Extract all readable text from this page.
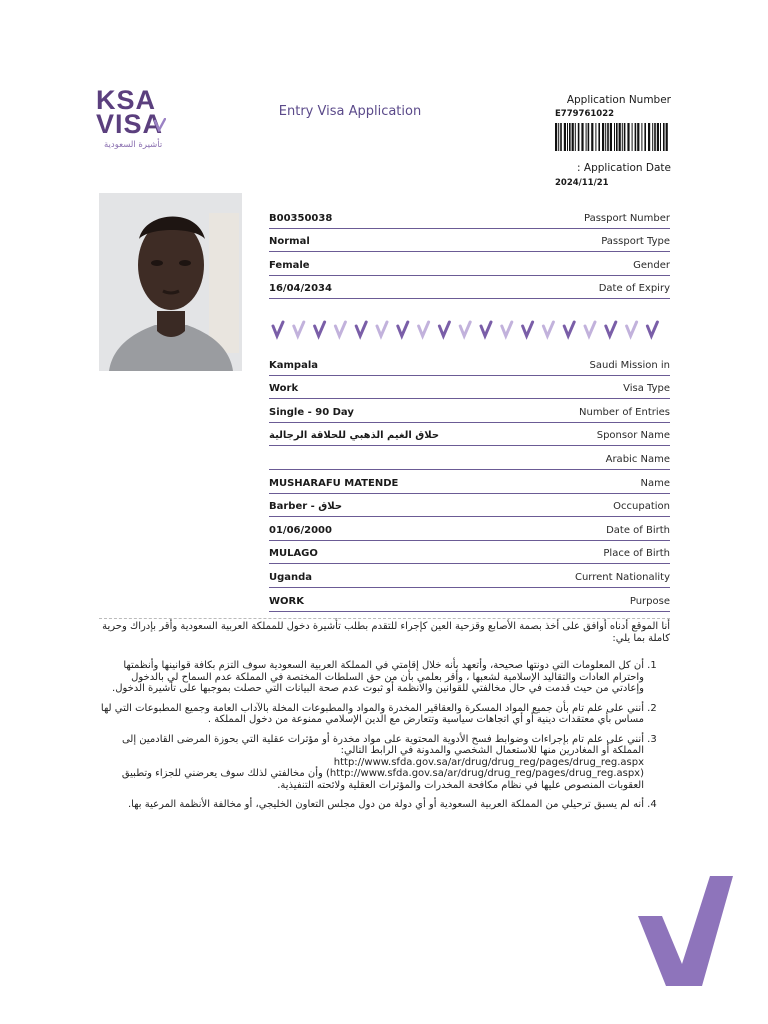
KSA
VISA
تأشيرة السعودية
Entry Visa Application
Application Number
E779761022
: Application Date
2024/11/21
B00350038	Passport Number
Normal	Passport Type
Female	Gender
16/04/2034	Date of Expiry
Kampala	Saudi Mission in
Work	Visa Type
Single - 90 Day	Number of Entries
حلاق الغيم الذهبي للحلاقة الرجالية	Sponsor Name
Arabic Name
MUSHARAFU MATENDE	Name
Barber - حلاق	Occupation
01/06/2000	Date of Birth
MULAGO	Place of Birth
Uganda	Current Nationality
WORK	Purpose

أنا الموقع أدناه أوافق على أخذ بصمة الأصابع وقزحية العين كإجراء للتقدم بطلب تأشيرة دخول للمملكة العربية السعودية وأقر بإدراك وحرية كاملة بما يلي:

1. أن كل المعلومات التي دونتها صحيحة، وأتعهد بأنه خلال إقامتي في المملكة العربية السعودية سوف التزم بكافة قوانينها وأنظمتها واحترام العادات والتقاليد الإسلامية لشعبها ، وأقر بعلمي بأن من حق السلطات المختصة في المملكة عدم السماح لي بالدخول وإعادتي من حيث قدمت في حال مخالفتي للقوانين والانظمة أو ثبوت عدم صحة البيانات التي حصلت بموجبها على تأشيرة الدخول.
2. أنني على علم تام بأن جميع المواد المسكرة والعقاقير المخدرة والمواد والمطبوعات المخلة بالآداب العامة وجميع المطبوعات التي لها مساس بأي معتقدات دينية أو أي اتجاهات سياسية وتتعارض مع الدين الإسلامي ممنوعة من دخول المملكة .
3. أنني على علم تام بإجراءات وضوابط فسح الأدوية المحتوية على مواد مخدرة أو مؤثرات عقلية التي بحوزة المرضى القادمين إلى المملكة أو المغادرين منها للاستعمال الشخصي والمدونة في الرابط التالي: http://www.sfda.gov.sa/ar/drug/drug_reg/pages/drug_reg.aspx (http://www.sfda.gov.sa/ar/drug/drug_reg/pages/drug_reg.aspx) وأن مخالفتي لذلك سوف يعرضني للجزاء وتطبيق العقوبات المنصوص عليها في نظام مكافحة المخدرات والمؤثرات العقلية ولائحته التنفيذية.
4. أنه لم يسبق ترحيلي من المملكة العربية السعودية أو أي دولة من دول مجلس التعاون الخليجي، أو مخالفة الأنظمة المرعية بها.
